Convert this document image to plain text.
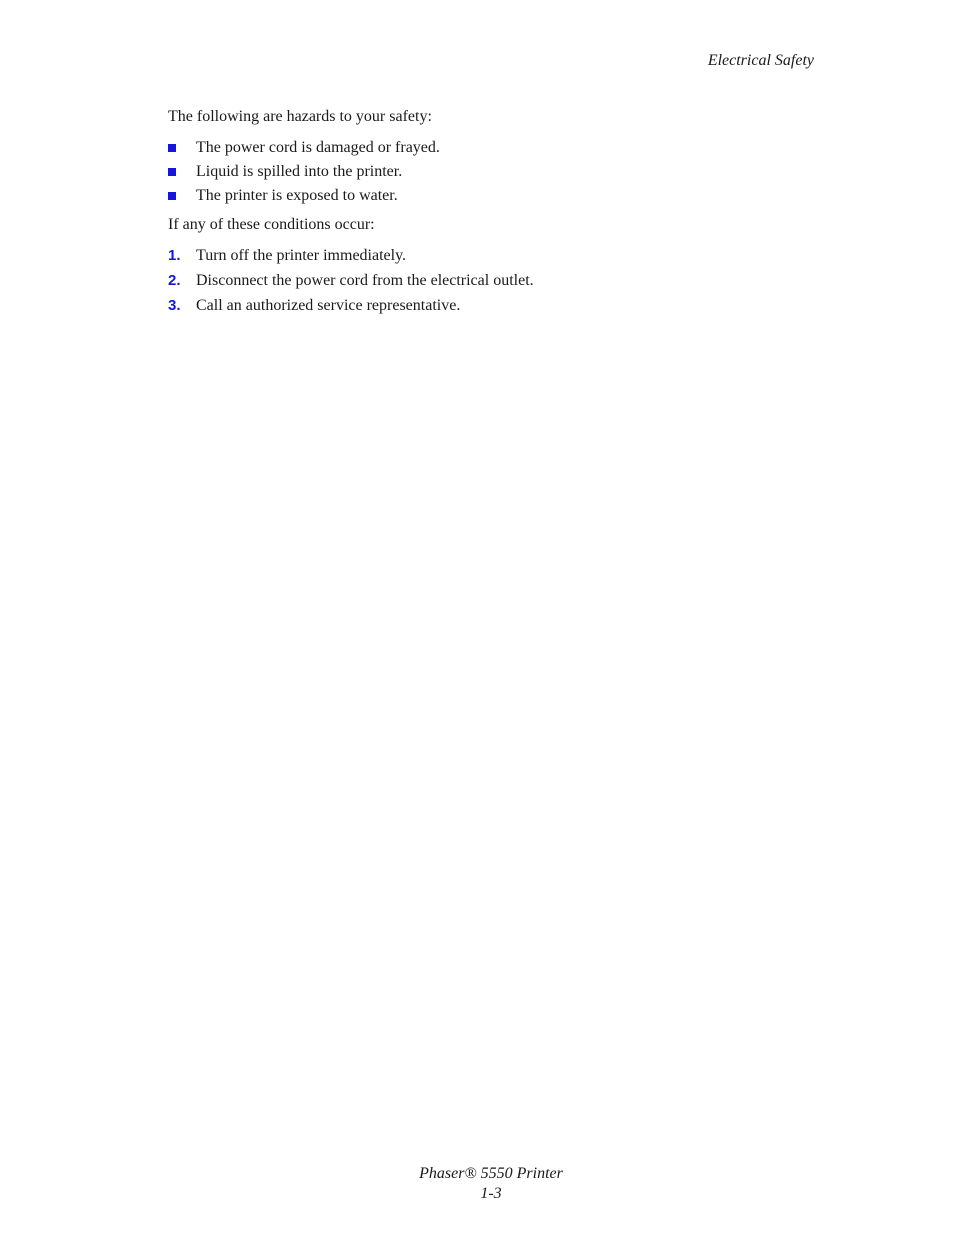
Electrical Safety

The following are hazards to your safety:

The power cord is damaged or frayed.
Liquid is spilled into the printer.
The printer is exposed to water.

If any of these conditions occur:

1. Turn off the printer immediately.
2. Disconnect the power cord from the electrical outlet.
3. Call an authorized service representative.
Phaser® 5550 Printer
1-3
